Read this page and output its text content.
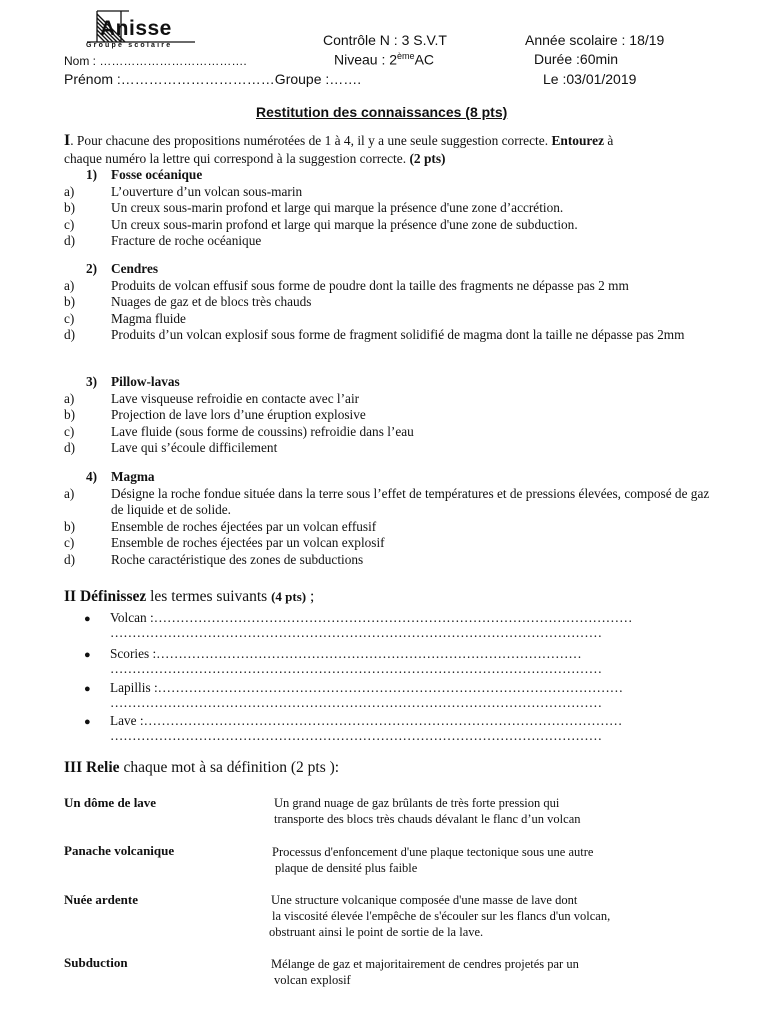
Anisse
Groupe scolaire	Contrôle N : 3 S.V.T	Année scolaire : 18/19
Nom : ……………………………….	Niveau : 2èmeAC	Durée :60min
Prénom :……………………………Groupe :…….	Le :03/01/2019
Restitution des connaissances (8 pts)
I. Pour chacune des propositions numérotées de 1 à 4, il y a une seule suggestion correcte. Entourez à
chaque numéro la lettre qui correspond à la suggestion correcte. (2 pts)
1) Fosse océanique
a)	L’ouverture d’un volcan sous-marin
b)	Un creux sous-marin profond et large qui marque la présence d'une zone d’accrétion.
c)	Un creux sous-marin profond et large qui marque la présence d'une zone de subduction.
d)	Fracture de roche océanique
2) Cendres
a)	Produits de volcan effusif sous forme de poudre dont la taille des fragments ne dépasse pas 2 mm
b)	Nuages de gaz et de blocs très chauds
c)	Magma fluide
d)	Produits d’un volcan explosif sous forme de fragment solidifié de magma dont la taille ne dépasse pas 2mm
3) Pillow-lavas
a)	Lave visqueuse refroidie en contacte avec l’air
b)	Projection de lave lors d’une éruption explosive
c)	Lave fluide (sous forme de coussins) refroidie dans l’eau
d)	Lave qui s’écoule difficilement
4) Magma
a)	Désigne la roche fondue située dans la terre sous l’effet de températures et de pressions élevées, composé de gaz de liquide et de solide.
b)	Ensemble de roches éjectées par un volcan effusif
c)	Ensemble de roches éjectées par un volcan explosif
d)	Roche caractéristique des zones de subductions
II Définissez les termes suivants (4 pts) ;
● Volcan :………………………………………………………………………………………………
…………………………………………………………………………………………………
● Scories :……………………………………………………………………………………
…………………………………………………………………………………………………
● Lapillis :……………………………………………………………………………………………
…………………………………………………………………………………………………
● Lave :………………………………………………………………………………………………
…………………………………………………………………………………………………
III Relie chaque mot à sa définition (2 pts ):
Un dôme de lave	Un grand nuage de gaz brûlants de très forte pression qui
transporte des blocs très chauds dévalant le flanc d’un volcan
Panache volcanique	Processus d'enfoncement d'une plaque tectonique sous une autre
plaque de densité plus faible
Nuée ardente	Une structure volcanique composée d'une masse de lave dont
la viscosité élevée l'empêche de s'écouler sur les flancs d'un volcan,
obstruant ainsi le point de sortie de la lave.
Subduction	Mélange de gaz et majoritairement de cendres projetés par un
volcan explosif
